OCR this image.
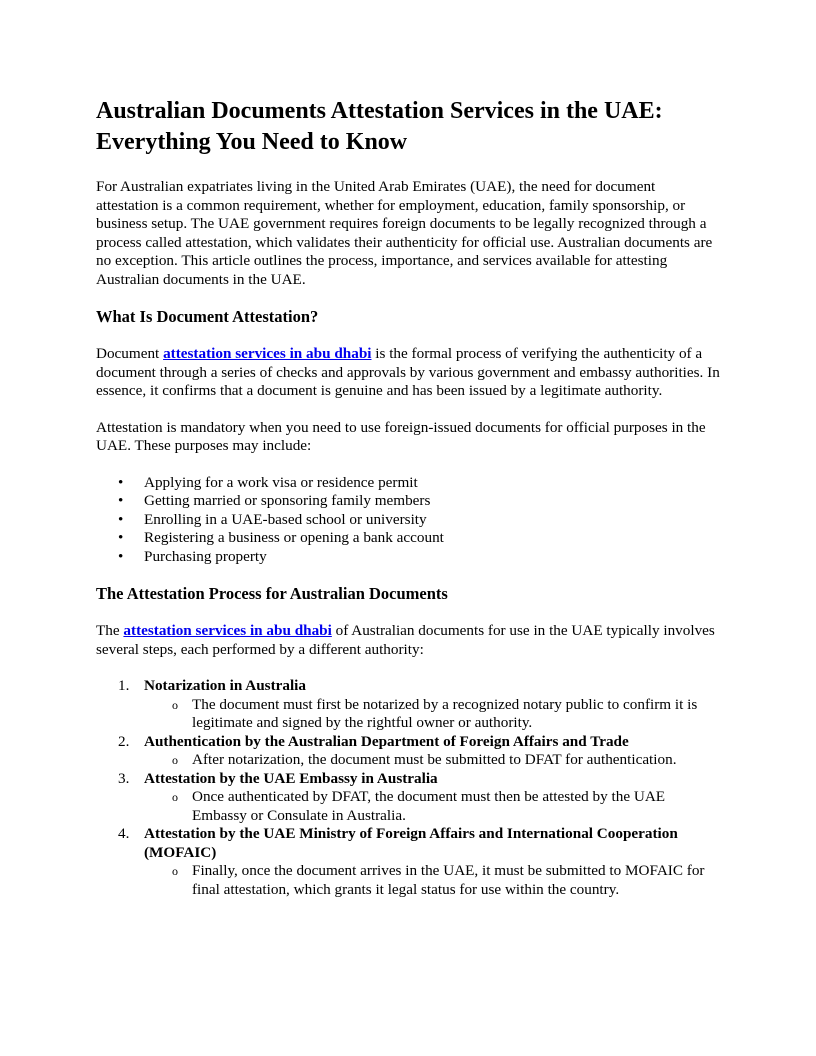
Australian Documents Attestation Services in the UAE: Everything You Need to Know

For Australian expatriates living in the United Arab Emirates (UAE), the need for document attestation is a common requirement, whether for employment, education, family sponsorship, or business setup. The UAE government requires foreign documents to be legally recognized through a process called attestation, which validates their authenticity for official use. Australian documents are no exception. This article outlines the process, importance, and services available for attesting Australian documents in the UAE.

What Is Document Attestation?

Document attestation services in abu dhabi is the formal process of verifying the authenticity of a document through a series of checks and approvals by various government and embassy authorities. In essence, it confirms that a document is genuine and has been issued by a legitimate authority.

Attestation is mandatory when you need to use foreign-issued documents for official purposes in the UAE. These purposes may include:

• Applying for a work visa or residence permit
• Getting married or sponsoring family members
• Enrolling in a UAE-based school or university
• Registering a business or opening a bank account
• Purchasing property
The Attestation Process for Australian Documents

The attestation services in abu dhabi of Australian documents for use in the UAE typically involves several steps, each performed by a different authority:

1. Notarization in Australia
o The document must first be notarized by a recognized notary public to confirm it is legitimate and signed by the rightful owner or authority.
2. Authentication by the Australian Department of Foreign Affairs and Trade
o After notarization, the document must be submitted to DFAT for authentication.
3. Attestation by the UAE Embassy in Australia
o Once authenticated by DFAT, the document must then be attested by the UAE Embassy or Consulate in Australia.
4. Attestation by the UAE Ministry of Foreign Affairs and International Cooperation (MOFAIC)
o Finally, once the document arrives in the UAE, it must be submitted to MOFAIC for final attestation, which grants it legal status for use within the country.
